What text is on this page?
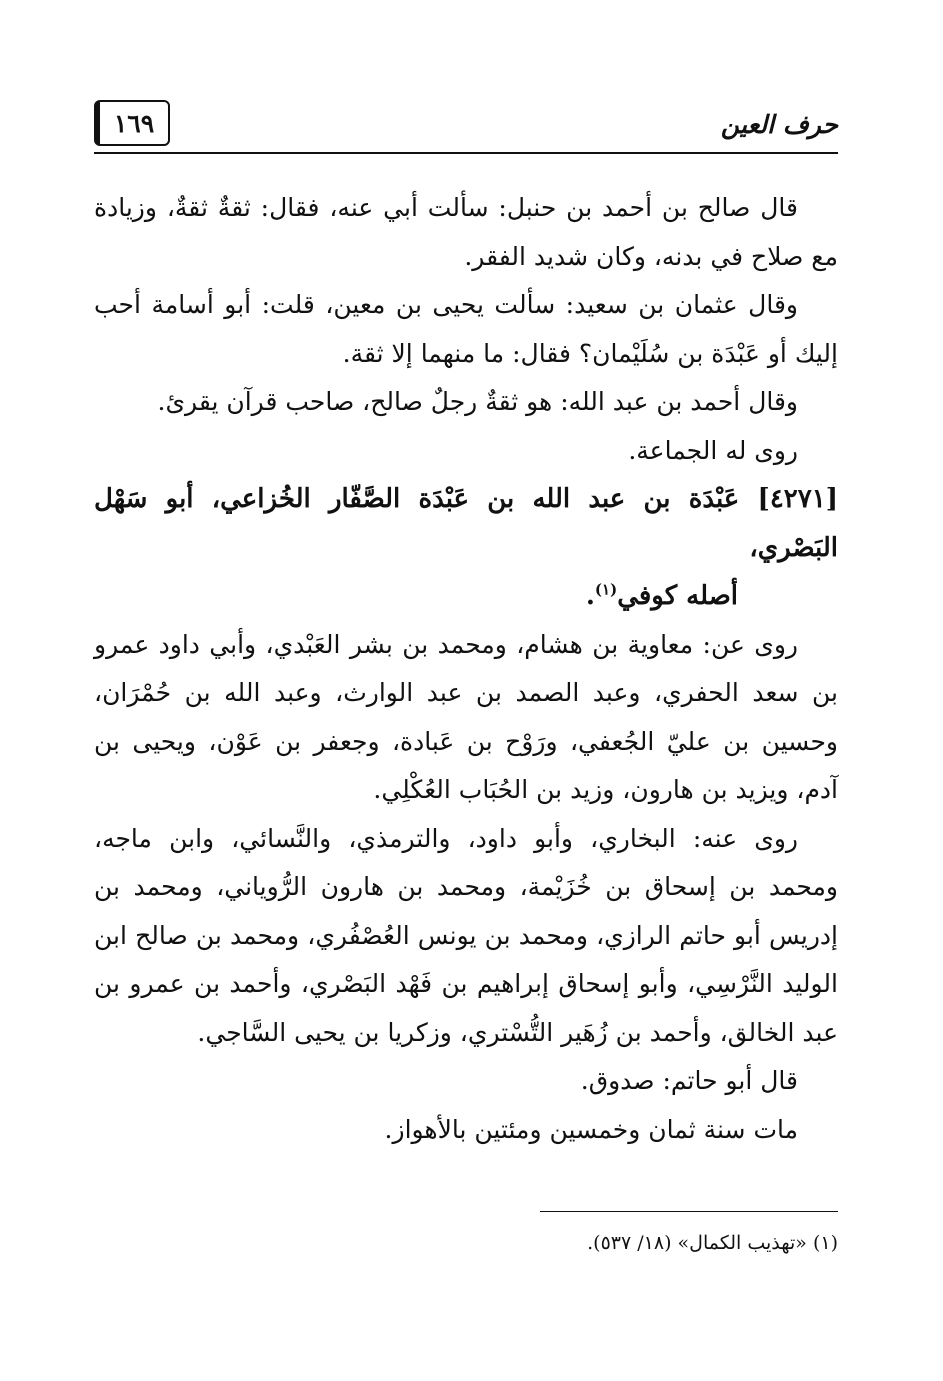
١٦٩	حرف العين

قال صالح بن أحمد بن حنبل: سألت أبي عنه، فقال: ثقةٌ ثقةٌ، وزيادة مع صلاح في بدنه، وكان شديد الفقر.

وقال عثمان بن سعيد: سألت يحيى بن معين، قلت: أبو أسامة أحب إليك أو عَبْدَة بن سُلَيْمان؟ فقال: ما منهما إلا ثقة.

وقال أحمد بن عبد الله: هو ثقةٌ رجلٌ صالح، صاحب قرآن يقرئ.

روى له الجماعة.

[٤٢٧١] عَبْدَة بن عبد الله بن عَبْدَة الصَّفّار الخُزاعي، أبو سَهْل البَصْري،
أصله كوفي$^{(١)}$.

روى عن: معاوية بن هشام، ومحمد بن بشر العَبْدي، وأبي داود عمرو بن سعد الحفري، وعبد الصمد بن عبد الوارث، وعبد الله بن حُمْرَان، وحسين بن عليّ الجُعفي، ورَوْح بن عَبادة، وجعفر بن عَوْن، ويحيى بن آدم، ويزيد بن هارون، وزيد بن الحُبَاب العُكْلِي.

روى عنه: البخاري، وأبو داود، والترمذي، والنَّسائي، وابن ماجه، ومحمد بن إسحاق بن خُزَيْمة، ومحمد بن هارون الرُّوياني، ومحمد بن إدريس أبو حاتم الرازي، ومحمد بن يونس العُصْفُري، ومحمد بن صالح ابن الوليد النَّرْسِي، وأبو إسحاق إبراهيم بن فَهْد البَصْري، وأحمد بن عمرو بن عبد الخالق، وأحمد بن زُهَير التُّسْتري، وزكريا بن يحيى السَّاجي.

قال أبو حاتم: صدوق.

مات سنة ثمان وخمسين ومئتين بالأهواز.

(١) «تهذيب الكمال» (١٨/ ٥٣٧).
